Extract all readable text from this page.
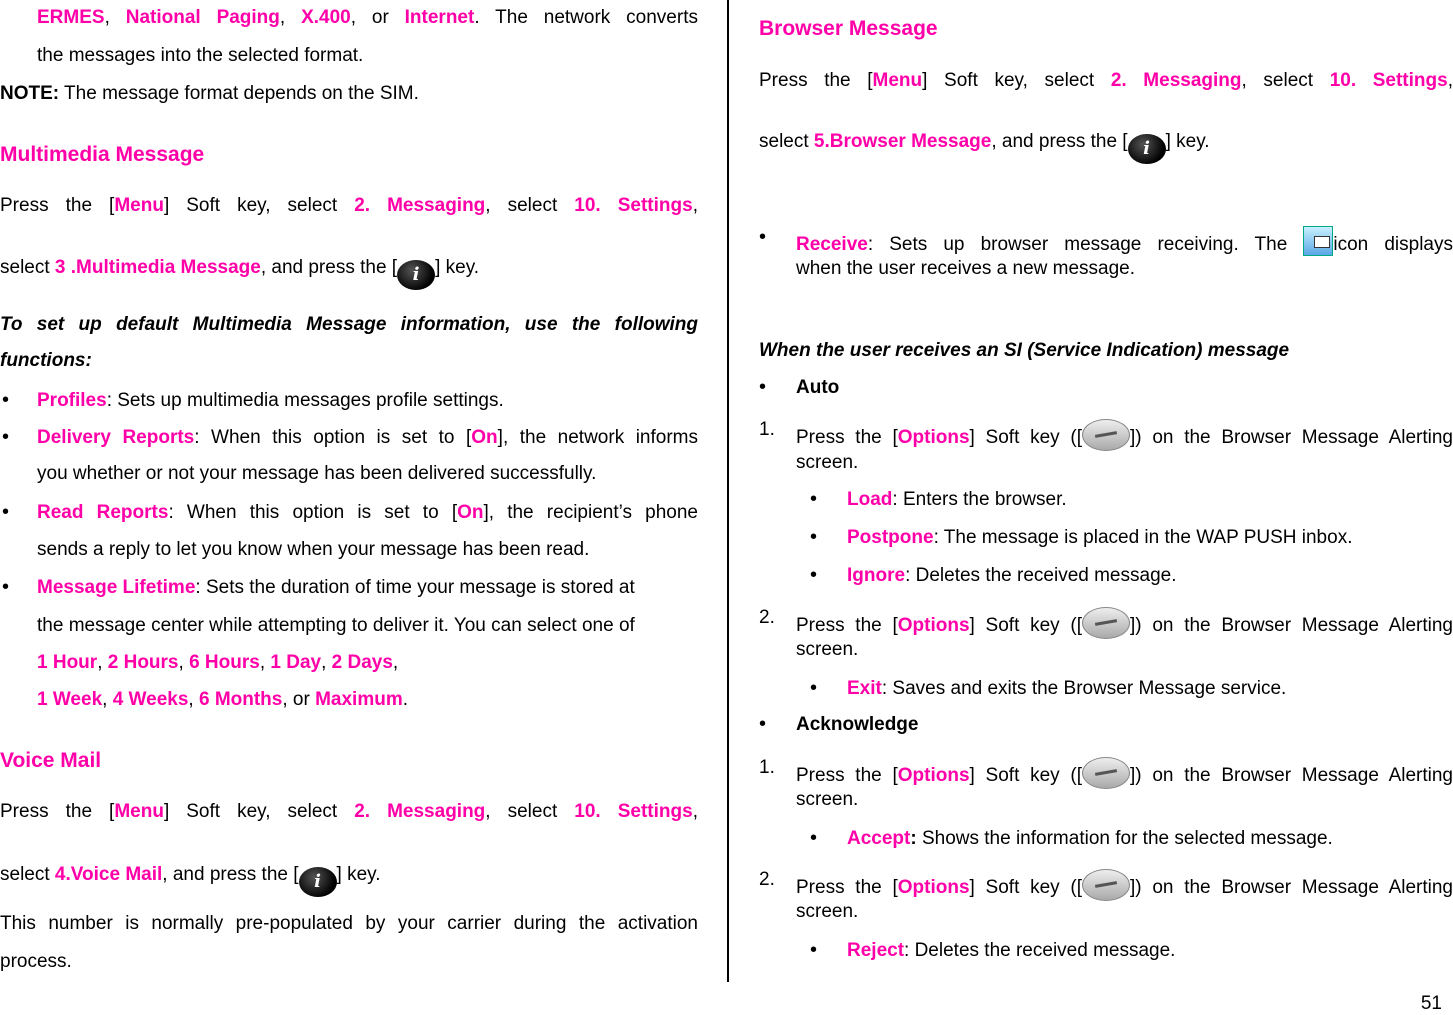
ERMES, National Paging, X.400, or Internet. The network converts

the messages into the selected format.

NOTE: The message format depends on the SIM.

Multimedia Message

Press the [Menu] Soft key, select 2. Messaging, select 10. Settings,

select 3 .Multimedia Message, and press the [ i ] key.

To set up default Multimedia Message information, use the following

functions:

• Profiles: Sets up multimedia messages profile settings.

• Delivery Reports: When this option is set to [On], the network informs

you whether or not your message has been delivered successfully.

• Read Reports: When this option is set to [On], the recipient’s phone

sends a reply to let you know when your message has been read.

• Message Lifetime: Sets the duration of time your message is stored at

the message center while attempting to deliver it. You can select one of

1 Hour, 2 Hours, 6 Hours, 1 Day, 2 Days,

1 Week, 4 Weeks, 6 Months, or Maximum.

Voice Mail

Press the [Menu] Soft key, select 2. Messaging, select 10. Settings,

select 4.Voice Mail, and press the [ i ] key.

This number is normally pre-populated by your carrier during the activation

process.

Browser Message

Press the [Menu] Soft key, select 2. Messaging, select 10. Settings,

select 5.Browser Message, and press the [ i ] key.

• Receive: Sets up browser message receiving. The icon displays

when the user receives a new message.

When the user receives an SI (Service Indication) message

• Auto

1.	Press the [Options] Soft key ([	]) on the Browser Message Alerting

screen.

• Load: Enters the browser.

• Postpone: The message is placed in the WAP PUSH inbox.

• Ignore: Deletes the received message.

2.	Press the [Options] Soft key ([	]) on the Browser Message Alerting

screen.

• Exit: Saves and exits the Browser Message service.

• Acknowledge

1.	Press the [Options] Soft key ([	]) on the Browser Message Alerting

screen.

• Accept: Shows the information for the selected message.

2.	Press the [Options] Soft key ([	]) on the Browser Message Alerting

screen.

• Reject: Deletes the received message.

51
